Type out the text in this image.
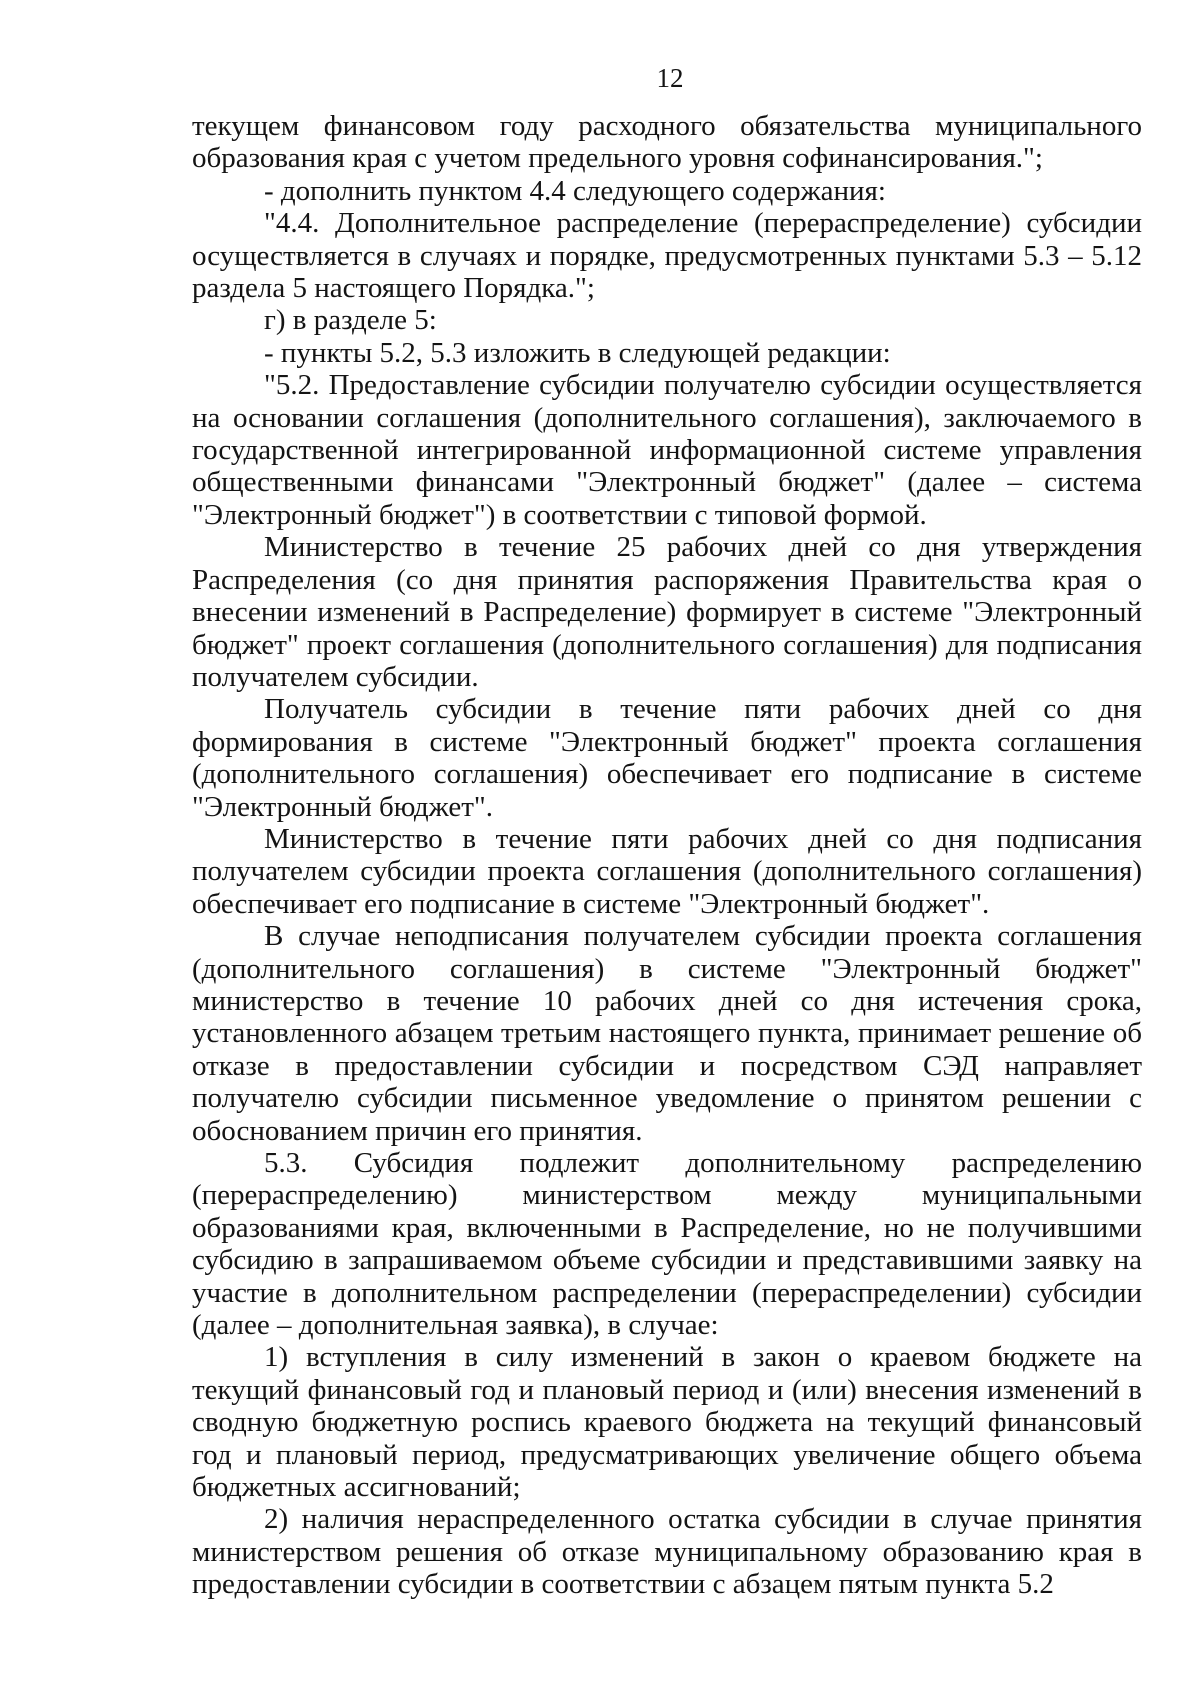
12

текущем финансовом году расходного обязательства муниципального образования края с учетом предельного уровня софинансирования.";

- дополнить пунктом 4.4 следующего содержания:

"4.4. Дополнительное распределение (перераспределение) субсидии осуществляется в случаях и порядке, предусмотренных пунктами 5.3 – 5.12 раздела 5 настоящего Порядка.";

г) в разделе 5:

- пункты 5.2, 5.3 изложить в следующей редакции:

"5.2. Предоставление субсидии получателю субсидии осуществляется на основании соглашения (дополнительного соглашения), заключаемого в государственной интегрированной информационной системе управления общественными финансами "Электронный бюджет" (далее – система "Электронный бюджет") в соответствии с типовой формой.

Министерство в течение 25 рабочих дней со дня утверждения Распределения (со дня принятия распоряжения Правительства края о внесении изменений в Распределение) формирует в системе "Электронный бюджет" проект соглашения (дополнительного соглашения) для подписания получателем субсидии.

Получатель субсидии в течение пяти рабочих дней со дня формирования в системе "Электронный бюджет" проекта соглашения (дополнительного соглашения) обеспечивает его подписание в системе "Электронный бюджет".

Министерство в течение пяти рабочих дней со дня подписания получателем субсидии проекта соглашения (дополнительного соглашения) обеспечивает его подписание в системе "Электронный бюджет".

В случае неподписания получателем субсидии проекта соглашения (дополнительного соглашения) в системе "Электронный бюджет" министерство в течение 10 рабочих дней со дня истечения срока, установленного абзацем третьим настоящего пункта, принимает решение об отказе в предоставлении субсидии и посредством СЭД направляет получателю субсидии письменное уведомление о принятом решении с обоснованием причин его принятия.

5.3. Субсидия подлежит дополнительному распределению (перераспределению) министерством между муниципальными образованиями края, включенными в Распределение, но не получившими субсидию в запрашиваемом объеме субсидии и представившими заявку на участие в дополнительном распределении (перераспределении) субсидии (далее – дополнительная заявка), в случае:

1) вступления в силу изменений в закон о краевом бюджете на текущий финансовый год и плановый период и (или) внесения изменений в сводную бюджетную роспись краевого бюджета на текущий финансовый год и плановый период, предусматривающих увеличение общего объема бюджетных ассигнований;

2) наличия нераспределенного остатка субсидии в случае принятия министерством решения об отказе муниципальному образованию края в предоставлении субсидии в соответствии с абзацем пятым пункта 5.2
